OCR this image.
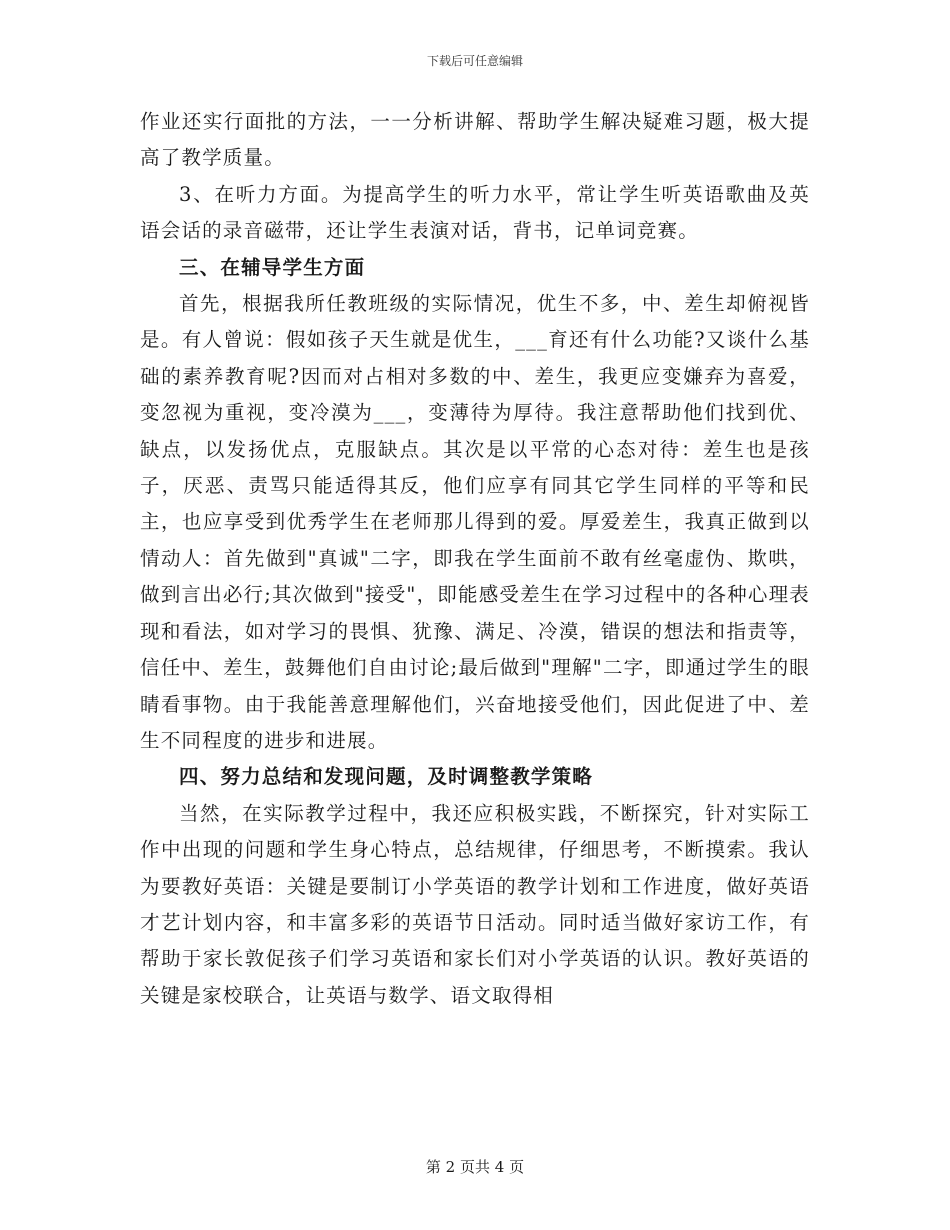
下载后可任意编辑

作业还实行面批的方法，一一分析讲解、帮助学生解决疑难习题，极大提高了教学质量。

3、在听力方面。为提高学生的听力水平，常让学生听英语歌曲及英语会话的录音磁带，还让学生表演对话，背书，记单词竞赛。

三、在辅导学生方面

首先，根据我所任教班级的实际情况，优生不多，中、差生却俯视皆是。有人曾说：假如孩子天生就是优生，___育还有什么功能?又谈什么基础的素养教育呢?因而对占相对多数的中、差生，我更应变嫌弃为喜爱，变忽视为重视，变冷漠为___，变薄待为厚待。我注意帮助他们找到优、缺点，以发扬优点，克服缺点。其次是以平常的心态对待：差生也是孩子，厌恶、责骂只能适得其反，他们应享有同其它学生同样的平等和民主，也应享受到优秀学生在老师那儿得到的爱。厚爱差生，我真正做到以情动人：首先做到"真诚"二字，即我在学生面前不敢有丝毫虚伪、欺哄，做到言出必行;其次做到"接受"，即能感受差生在学习过程中的各种心理表现和看法，如对学习的畏惧、犹豫、满足、冷漠，错误的想法和指责等，信任中、差生，鼓舞他们自由讨论;最后做到"理解"二字，即通过学生的眼睛看事物。由于我能善意理解他们，兴奋地接受他们，因此促进了中、差生不同程度的进步和进展。

四、努力总结和发现问题，及时调整教学策略

当然，在实际教学过程中，我还应积极实践，不断探究，针对实际工作中出现的问题和学生身心特点，总结规律，仔细思考，不断摸索。我认为要教好英语：关键是要制订小学英语的教学计划和工作进度，做好英语才艺计划内容，和丰富多彩的英语节日活动。同时适当做好家访工作，有帮助于家长敦促孩子们学习英语和家长们对小学英语的认识。教好英语的关键是家校联合，让英语与数学、语文取得相

第 2 页共 4 页
